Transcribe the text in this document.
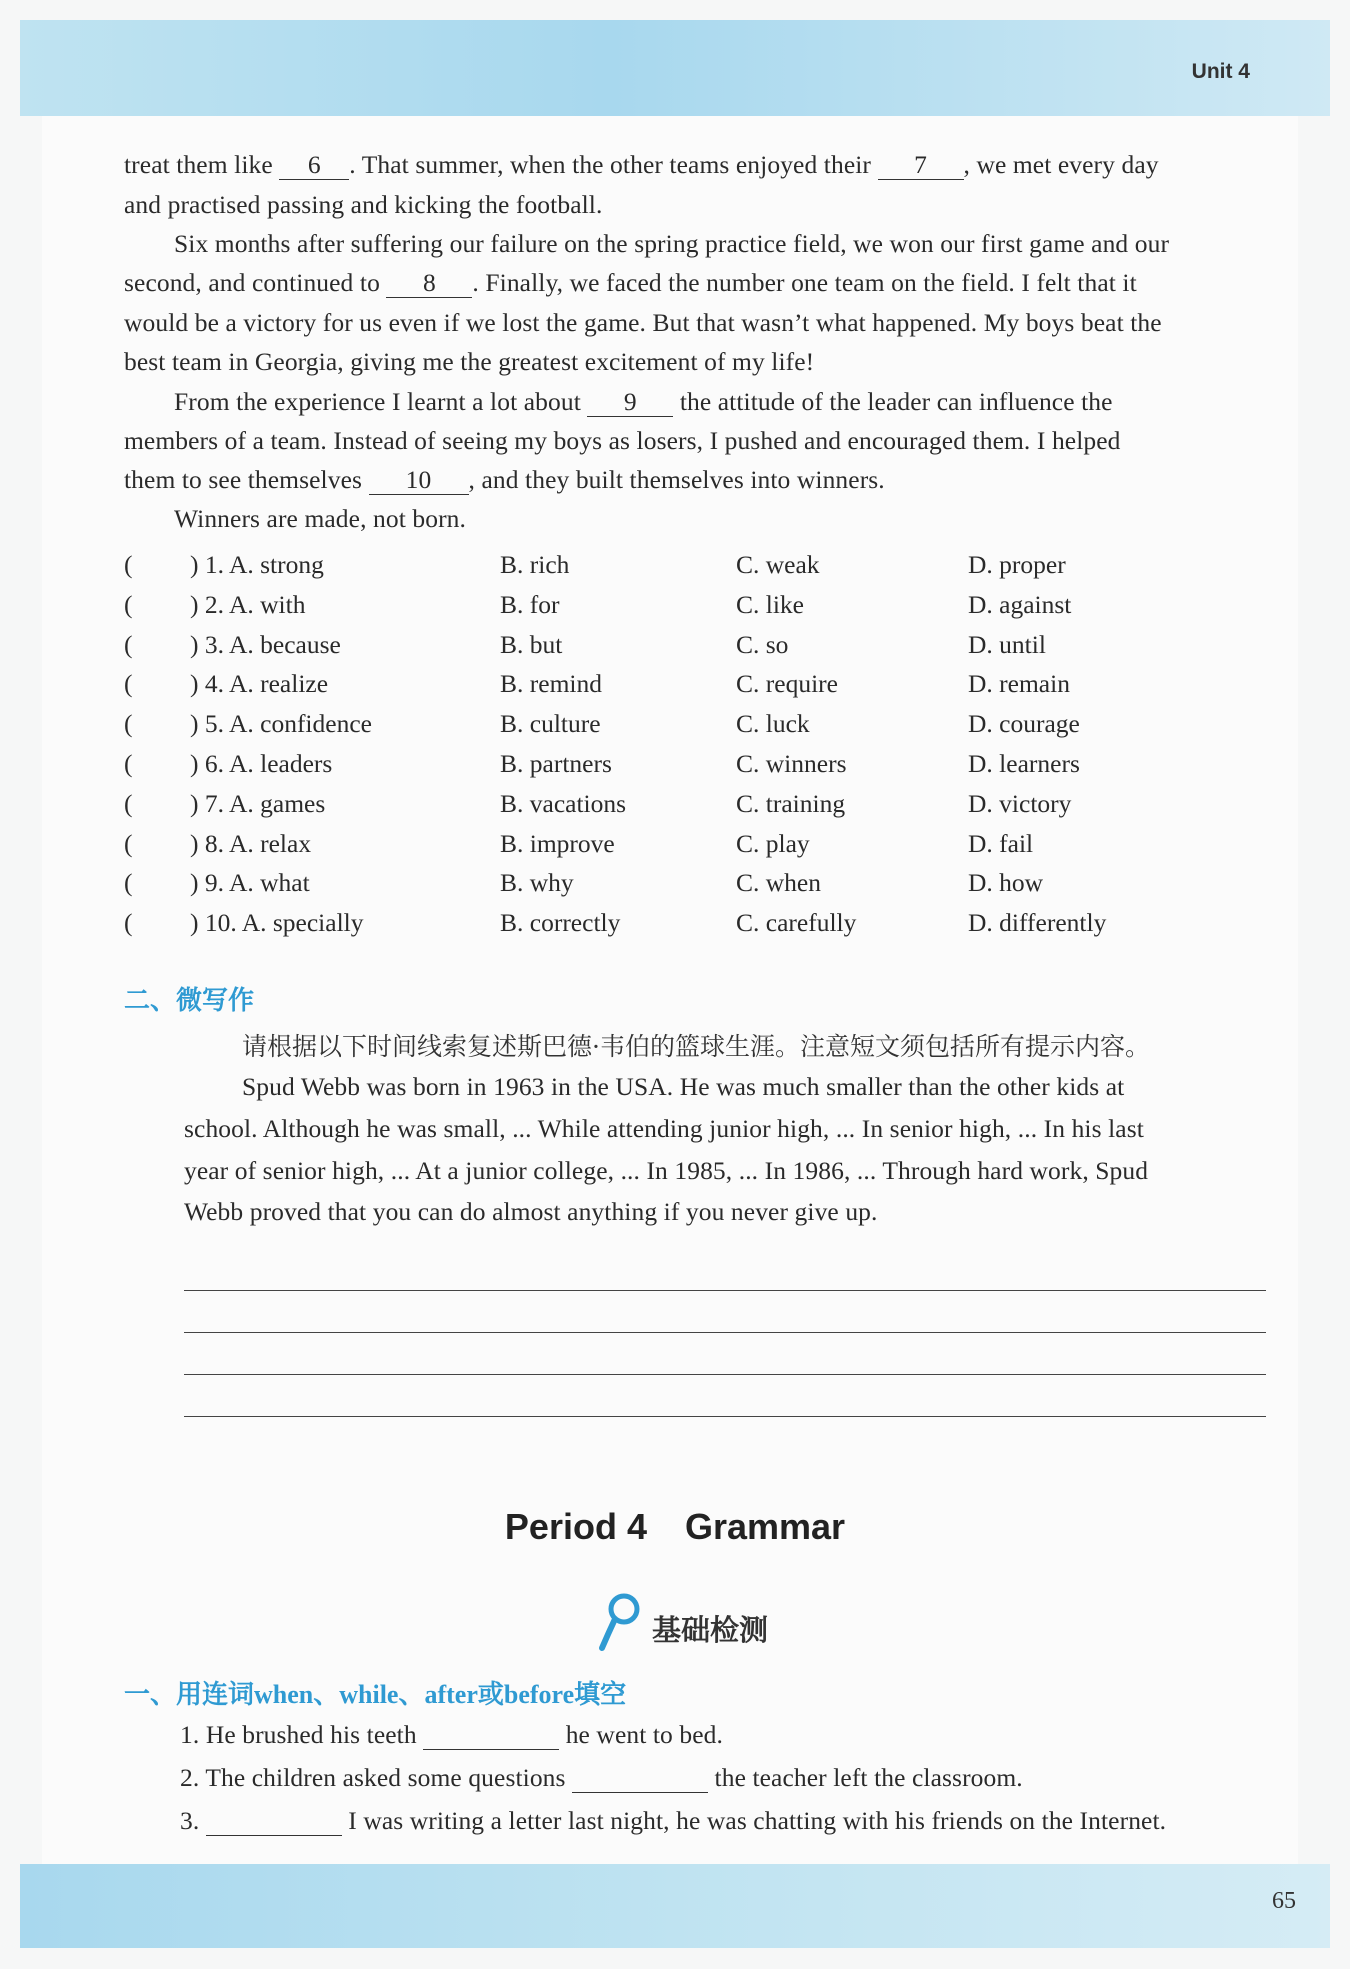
Unit 4
treat them like 6 . That summer, when the other teams enjoyed their 7 , we met every day
and practised passing and kicking the football.
Six months after suffering our failure on the spring practice field, we won our first game and our
second, and continued to 8 . Finally, we faced the number one team on the field. I felt that it
would be a victory for us even if we lost the game. But that wasn’t what happened. My boys beat the
best team in Georgia, giving me the greatest excitement of my life!
From the experience I learnt a lot about 9 the attitude of the leader can influence the
members of a team. Instead of seeing my boys as losers, I pushed and encouraged them. I helped
them to see themselves 10 , and they built themselves into winners.
Winners are made, not born.
( ) 1. A. strong	B. rich	C. weak	D. proper
( ) 2. A. with	B. for	C. like	D. against
( ) 3. A. because	B. but	C. so	D. until
( ) 4. A. realize	B. remind	C. require	D. remain
( ) 5. A. confidence	B. culture	C. luck	D. courage
( ) 6. A. leaders	B. partners	C. winners	D. learners
( ) 7. A. games	B. vacations	C. training	D. victory
( ) 8. A. relax	B. improve	C. play	D. fail
( ) 9. A. what	B. why	C. when	D. how
( ) 10. A. specially	B. correctly	C. carefully	D. differently
二、微写作
请根据以下时间线索复述斯巴德·韦伯的篮球生涯。注意短文须包括所有提示内容。
Spud Webb was born in 1963 in the USA. He was much smaller than the other kids at
school. Although he was small, ... While attending junior high, ... In senior high, ... In his last
year of senior high, ... At a junior college, ... In 1985, ... In 1986, ... Through hard work, Spud
Webb proved that you can do almost anything if you never give up.
Period 4 Grammar
基础检测
一、用连词when、while、after或before填空
1. He brushed his teeth	he went to bed.
2. The children asked some questions	the teacher left the classroom.
3.	I was writing a letter last night, he was chatting with his friends on the Internet.
65
